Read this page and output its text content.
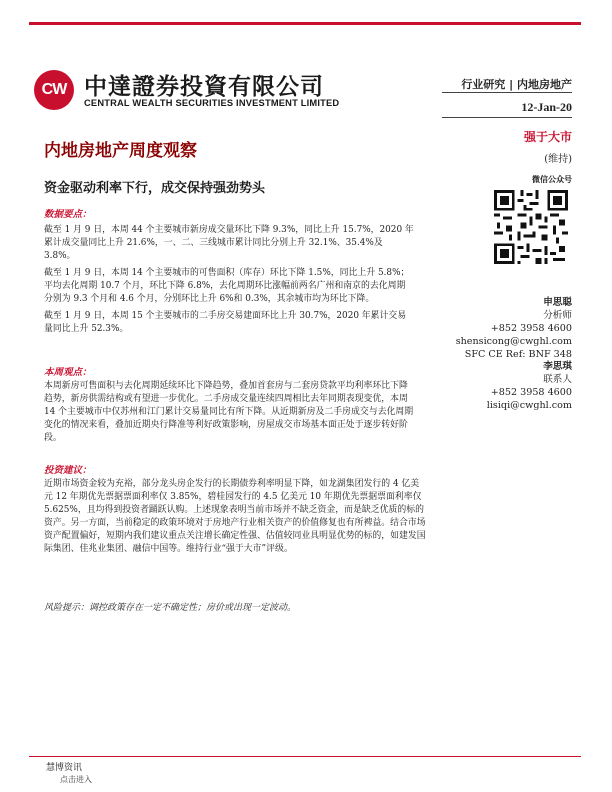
CW 中達證券投資有限公司
CENTRAL WEALTH SECURITIES INVESTMENT LIMITED
行业研究 | 内地房地产
12-Jan-20
内地房地产周度观察
资金驱动利率下行，成交保持强劲势头
强于大市
(维持)
微信公众号
申思聪
分析师
+852 3958 4600
shensicong@cwghl.com
SFC CE Ref: BNF 348
李思琪
联系人
+852 3958 4600
lisiqi@cwghl.com
数据要点：

截至 1 月 9 日，本周 44 个主要城市新房成交量环比下降 9.3%，同比上升 15.7%，2020 年累计成交量同比上升 21.6%，一、二、三线城市累计同比分别上升 32.1%、35.4%及 3.8%。

截至 1 月 9 日，本周 14 个主要城市的可售面积（库存）环比下降 1.5%，同比上升 5.8%；平均去化周期 10.7 个月，环比下降 6.8%，去化周期环比涨幅前两名广州和南京的去化周期分别为 9.3 个月和 4.6 个月，分别环比上升 6%和 0.3%，其余城市均为环比下降。

截至 1 月 9 日，本周 15 个主要城市的二手房交易建面环比上升 30.7%，2020 年累计交易量同比上升 52.3%。

本周观点：
本周新房可售面积与去化周期延续环比下降趋势，叠加首套房与二套房贷款平均利率环比下降趋势，新房供需结构或有望进一步优化。二手房成交量连续四周相比去年同期表现变优，本周 14 个主要城市中仅苏州和江门累计交易量同比有所下降。从近期新房及二手房成交与去化周期变化的情况来看，叠加近期央行降准等利好政策影响，房屋成交市场基本面正处于逐步转好阶段。
投资建议：
近期市场资金较为充裕，部分龙头房企发行的长期债券利率明显下降，如龙湖集团发行的 4 亿美元 12 年期优先票据票面利率仅 3.85%，碧桂园发行的 4.5 亿美元 10 年期优先票据票面利率仅 5.625%，且均得到投资者踊跃认购。上述现象表明当前市场并不缺乏资金，而是缺乏优质的标的资产。另一方面，当前稳定的政策环境对于房地产行业相关资产的价值修复也有所裨益。结合市场资产配置偏好，短期内我们建议重点关注增长确定性强、估值较同业具明显优势的标的，如建发国际集团、佳兆业集团、融信中国等。维持行业“强于大市”评级。
风险提示：调控政策存在一定不确定性；房价或出现一定波动。
慧博资讯
点击进入
